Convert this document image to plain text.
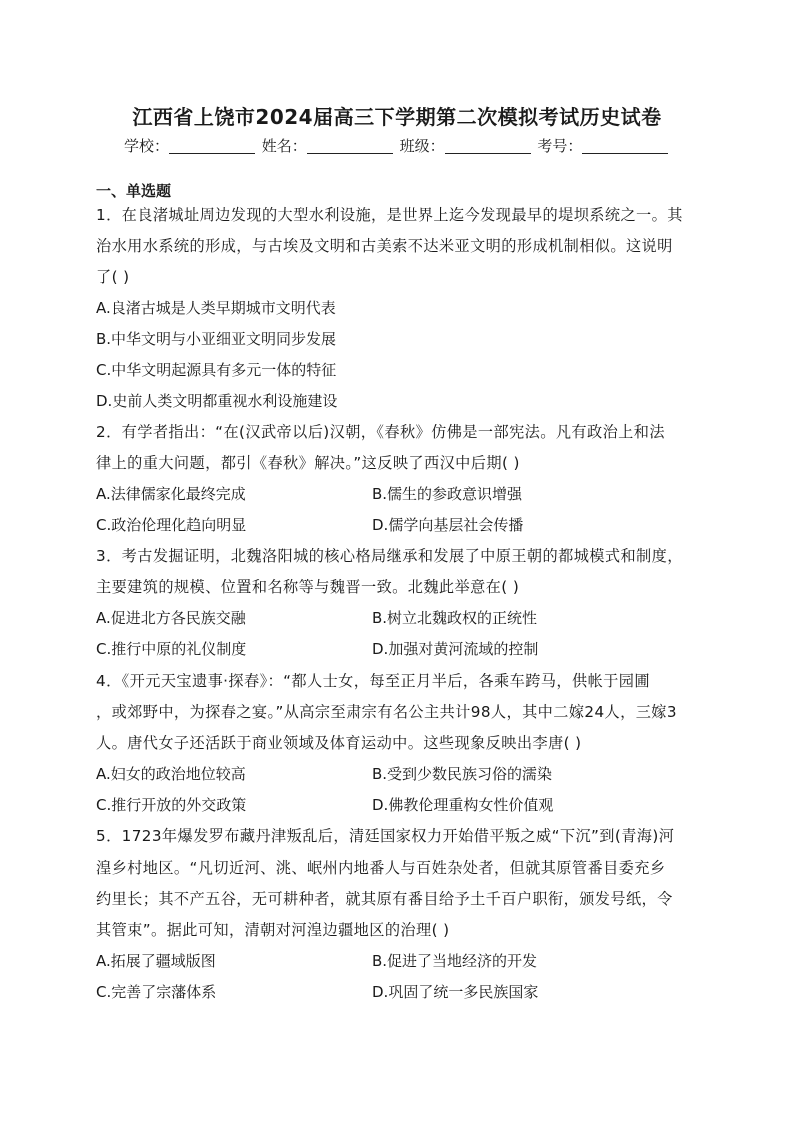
江西省上饶市2024届高三下学期第二次模拟考试历史试卷
学校：	姓名：	班级：	考号：
一、单选题
1．在良渚城址周边发现的大型水利设施，是世界上迄今发现最早的堤坝系统之一。其
治水用水系统的形成，与古埃及文明和古美索不达米亚文明的形成机制相似。这说明
了( )
A.良渚古城是人类早期城市文明代表
B.中华文明与小亚细亚文明同步发展
C.中华文明起源具有多元一体的特征
D.史前人类文明都重视水利设施建设
2．有学者指出：“在(汉武帝以后)汉朝，《春秋》仿佛是一部宪法。凡有政治上和法
律上的重大问题，都引《春秋》解决。”这反映了西汉中后期( )
A.法律儒家化最终完成	B.儒生的参政意识增强
C.政治伦理化趋向明显	D.儒学向基层社会传播
3．考古发掘证明，北魏洛阳城的核心格局继承和发展了中原王朝的都城模式和制度，
主要建筑的规模、位置和名称等与魏晋一致。北魏此举意在( )
A.促进北方各民族交融	B.树立北魏政权的正统性
C.推行中原的礼仪制度	D.加强对黄河流域的控制
4．《开元天宝遗事·探春》：“都人士女，每至正月半后，各乘车跨马，供帐于园圃
，或郊野中，为探春之宴。”从高宗至肃宗有名公主共计98人，其中二嫁24人，三嫁3
人。唐代女子还活跃于商业领域及体育运动中。这些现象反映出李唐( )
A.妇女的政治地位较高	B.受到少数民族习俗的濡染
C.推行开放的外交政策	D.佛教伦理重构女性价值观
5．1723年爆发罗布藏丹津叛乱后，清廷国家权力开始借平叛之威“下沉”到(青海)河
湟乡村地区。“凡切近河、洮、岷州内地番人与百姓杂处者，但就其原管番目委充乡
约里长；其不产五谷，无可耕种者，就其原有番目给予土千百户职衔，颁发号纸，令
其管束”。据此可知，清朝对河湟边疆地区的治理( )
A.拓展了疆域版图	B.促进了当地经济的开发
C.完善了宗藩体系	D.巩固了统一多民族国家
